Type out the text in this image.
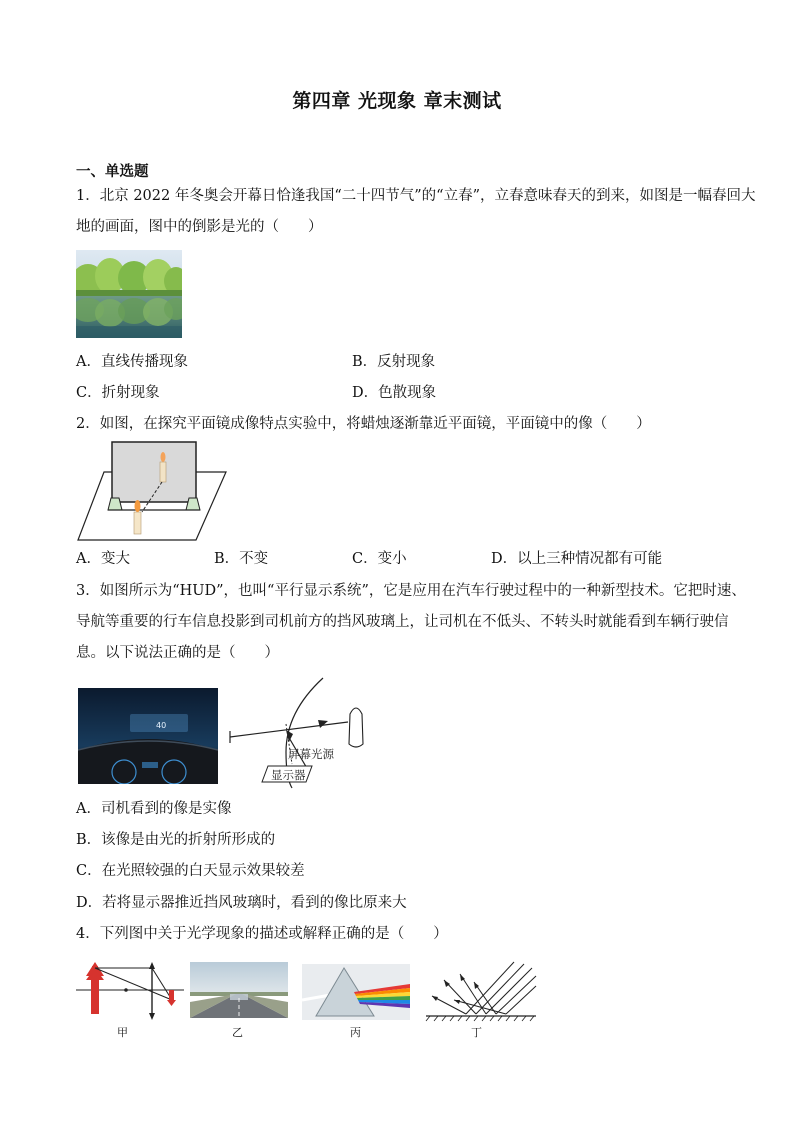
第四章 光现象 章末测试
一、单选题
1．北京 2022 年冬奥会开幕日恰逢我国“二十四节气”的“立春”，立春意味春天的到来，如图是一幅春回大
地的画面，图中的倒影是光的（　　）
A．直线传播现象	B．反射现象
C．折射现象	D．色散现象
2．如图，在探究平面镜成像特点实验中，将蜡烛逐渐靠近平面镜，平面镜中的像（　　）
A．变大	B．不变	C．变小	D．以上三种情况都有可能
3．如图所示为“HUD”，也叫“平行显示系统”，它是应用在汽车行驶过程中的一种新型技术。它把时速、
导航等重要的行车信息投影到司机前方的挡风玻璃上，让司机在不低头、不转头时就能看到车辆行驶信
息。以下说法正确的是（　　）
40
屏幕光源
显示器
A．司机看到的像是实像
B．该像是由光的折射所形成的
C．在光照较强的白天显示效果较差
D．若将显示器推近挡风玻璃时，看到的像比原来大
4．下列图中关于光学现象的描述或解释正确的是（　　）
甲	乙	丙	丁
